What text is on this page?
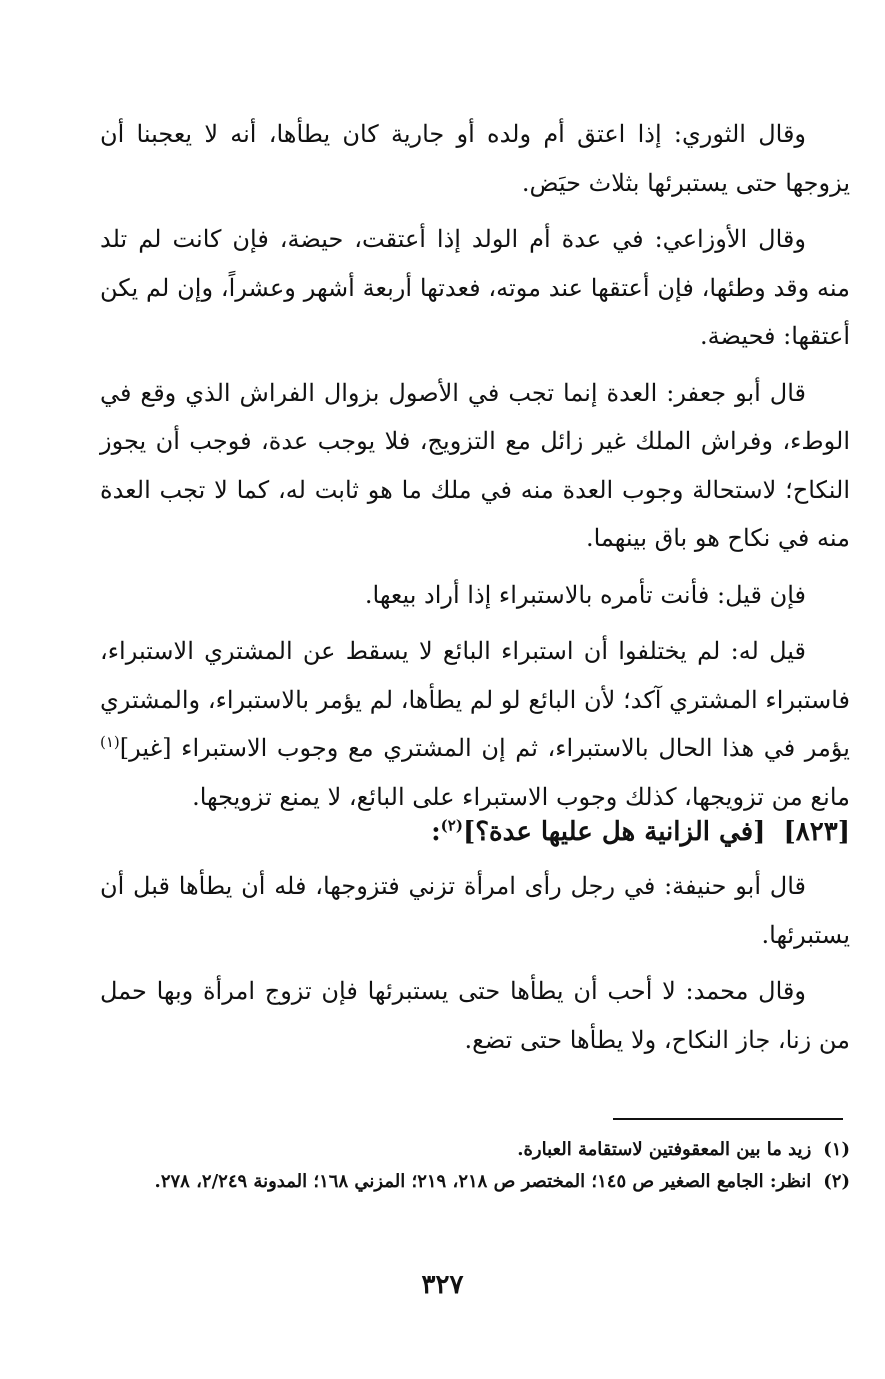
وقال الثوري: إذا اعتق أم ولده أو جارية كان يطأها، أنه لا يعجبنا أن يزوجها حتى يستبرئها بثلاث حيَض.

وقال الأوزاعي: في عدة أم الولد إذا أعتقت، حيضة، فإن كانت لم تلد منه وقد وطئها، فإن أعتقها عند موته، فعدتها أربعة أشهر وعشراً، وإن لم يكن أعتقها: فحيضة.

قال أبو جعفر: العدة إنما تجب في الأصول بزوال الفراش الذي وقع في الوطء، وفراش الملك غير زائل مع التزويج، فلا يوجب عدة، فوجب أن يجوز النكاح؛ لاستحالة وجوب العدة منه في ملك ما هو ثابت له، كما لا تجب العدة منه في نكاح هو باق بينهما.

فإن قيل: فأنت تأمره بالاستبراء إذا أراد بيعها.

قيل له: لم يختلفوا أن استبراء البائع لا يسقط عن المشتري الاستبراء، فاستبراء المشتري آكد؛ لأن البائع لو لم يطأها، لم يؤمر بالاستبراء، والمشتري يؤمر في هذا الحال بالاستبراء، ثم إن المشتري مع وجوب الاستبراء [غير]$^{(١)}$ مانع من تزويجها، كذلك وجوب الاستبراء على البائع، لا يمنع تزويجها.

[٨٢٣][في الزانية هل عليها عدة؟]$^{(٢)}$:

قال أبو حنيفة: في رجل رأى امرأة تزني فتزوجها، فله أن يطأها قبل أن يستبرئها.

وقال محمد: لا أحب أن يطأها حتى يستبرئها فإن تزوج امرأة وبها حمل من زنا، جاز النكاح، ولا يطأها حتى تضع.

(١)
زيد ما بين المعقوفتين لاستقامة العبارة.

(٢)
انظر: الجامع الصغير ص ١٤٥؛ المختصر ص ٢١٨، ٢١٩؛ المزني ١٦٨؛ المدونة ٢/٢٤٩، ٢٧٨.

٣٢٧
